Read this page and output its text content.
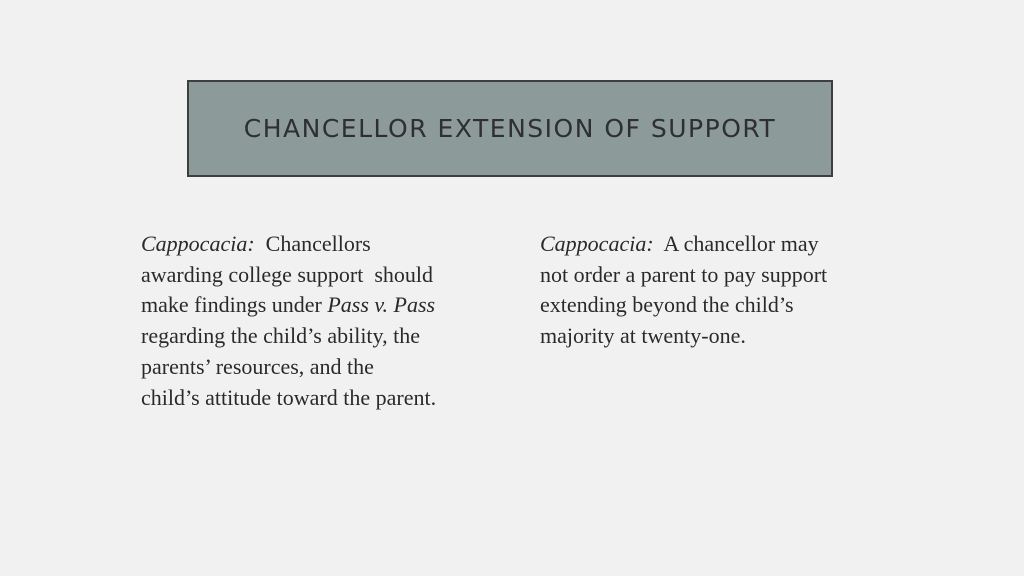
CHANCELLOR EXTENSION OF SUPPORT
Cappocacia: Chancellors
awarding college support  should
make findings under Pass v. Pass
regarding the child’s ability, the
parents’ resources, and the
child’s attitude toward the parent.
Cappocacia: A chancellor may
not order a parent to pay support
extending beyond the child’s
majority at twenty-one.
